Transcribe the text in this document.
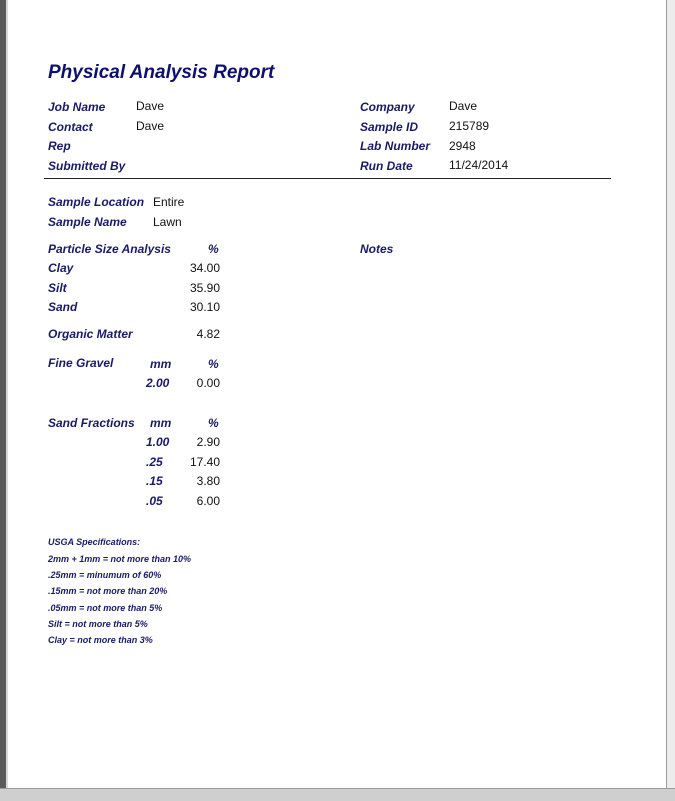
Physical Analysis Report
Job Name	Dave
Contact	Dave
Rep
Submitted By
Company	Dave
Sample ID	215789
Lab Number 2948
Run Date	11/24/2014
Sample Location Entire
Sample Name Lawn
Particle Size Analysis	%	Notes
Clay	34.00
Silt	35.90
Sand	30.10
Organic Matter	4.82
Fine Gravel	mm	%
2.00	0.00
Sand Fractions mm	%
1.00	2.90
.25	17.40
.15	3.80
.05	6.00
USGA Specifications:
2mm + 1mm = not more than 10%
.25mm = minumum of 60%
.15mm = not more than 20%
.05mm = not more than 5%
Silt = not more than 5%
Clay = not more than 3%
